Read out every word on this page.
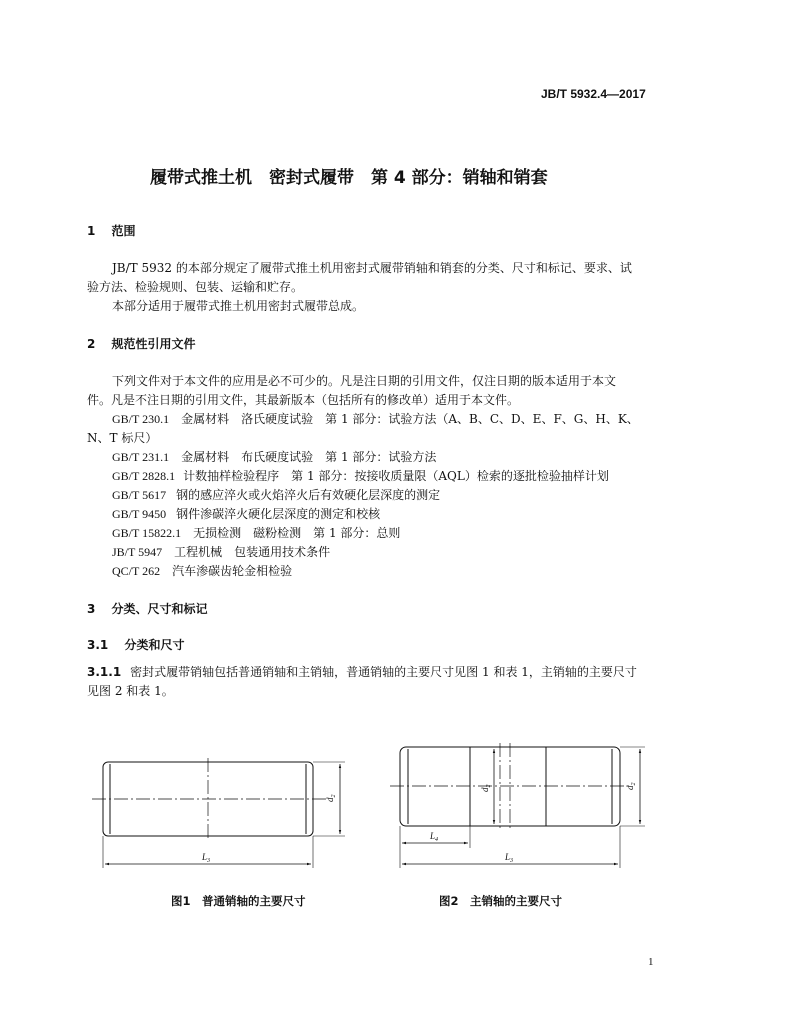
JB/T 5932.4—2017
履带式推土机　密封式履带　第 4 部分：销轴和销套
1 范围
JB/T 5932 的本部分规定了履带式推土机用密封式履带销轴和销套的分类、尺寸和标记、要求、试
验方法、检验规则、包装、运输和贮存。
本部分适用于履带式推土机用密封式履带总成。
2 规范性引用文件
下列文件对于本文件的应用是必不可少的。凡是注日期的引用文件，仅注日期的版本适用于本文
件。凡是不注日期的引用文件，其最新版本（包括所有的修改单）适用于本文件。
GB/T 230.1 金属材料　洛氏硬度试验　第 1 部分：试验方法（A、B、C、D、E、F、G、H、K、
N、T 标尺）
GB/T 231.1 金属材料　布氏硬度试验　第 1 部分：试验方法
GB/T 2828.1 计数抽样检验程序　第 1 部分：按接收质量限（AQL）检索的逐批检验抽样计划
GB/T 5617 钢的感应淬火或火焰淬火后有效硬化层深度的测定
GB/T 9450 钢件渗碳淬火硬化层深度的测定和校核
GB/T 15822.1 无损检测　磁粉检测　第 1 部分：总则
JB/T 5947 工程机械　包装通用技术条件
QC/T 262 汽车渗碳齿轮金相检验
3 分类、尺寸和标记
3.1 分类和尺寸
3.1.1 密封式履带销轴包括普通销轴和主销轴，普通销轴的主要尺寸见图 1 和表 1，主销轴的主要尺寸
见图 2 和表 1。
$d_2$
$L_3$
$d_2$	$d_2$
$L_4$
$L_3$
图1　普通销轴的主要尺寸	图2　主销轴的主要尺寸
1
